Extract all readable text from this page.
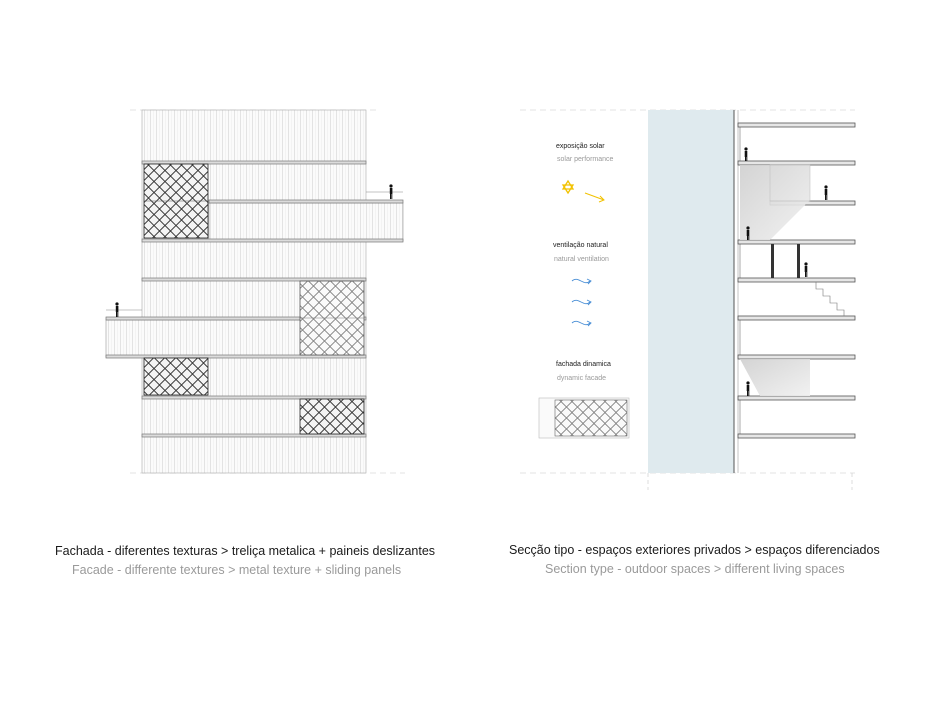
exposição solar
solar performance
ventilação natural
natural ventilation
fachada dinamica
dynamic facade
Fachada - diferentes texturas > treliça metalica + paineis deslizantes
Facade - differente textures > metal texture + sliding panels
Secção tipo - espaços exteriores privados > espaços diferenciados
Section type - outdoor spaces > different living spaces
